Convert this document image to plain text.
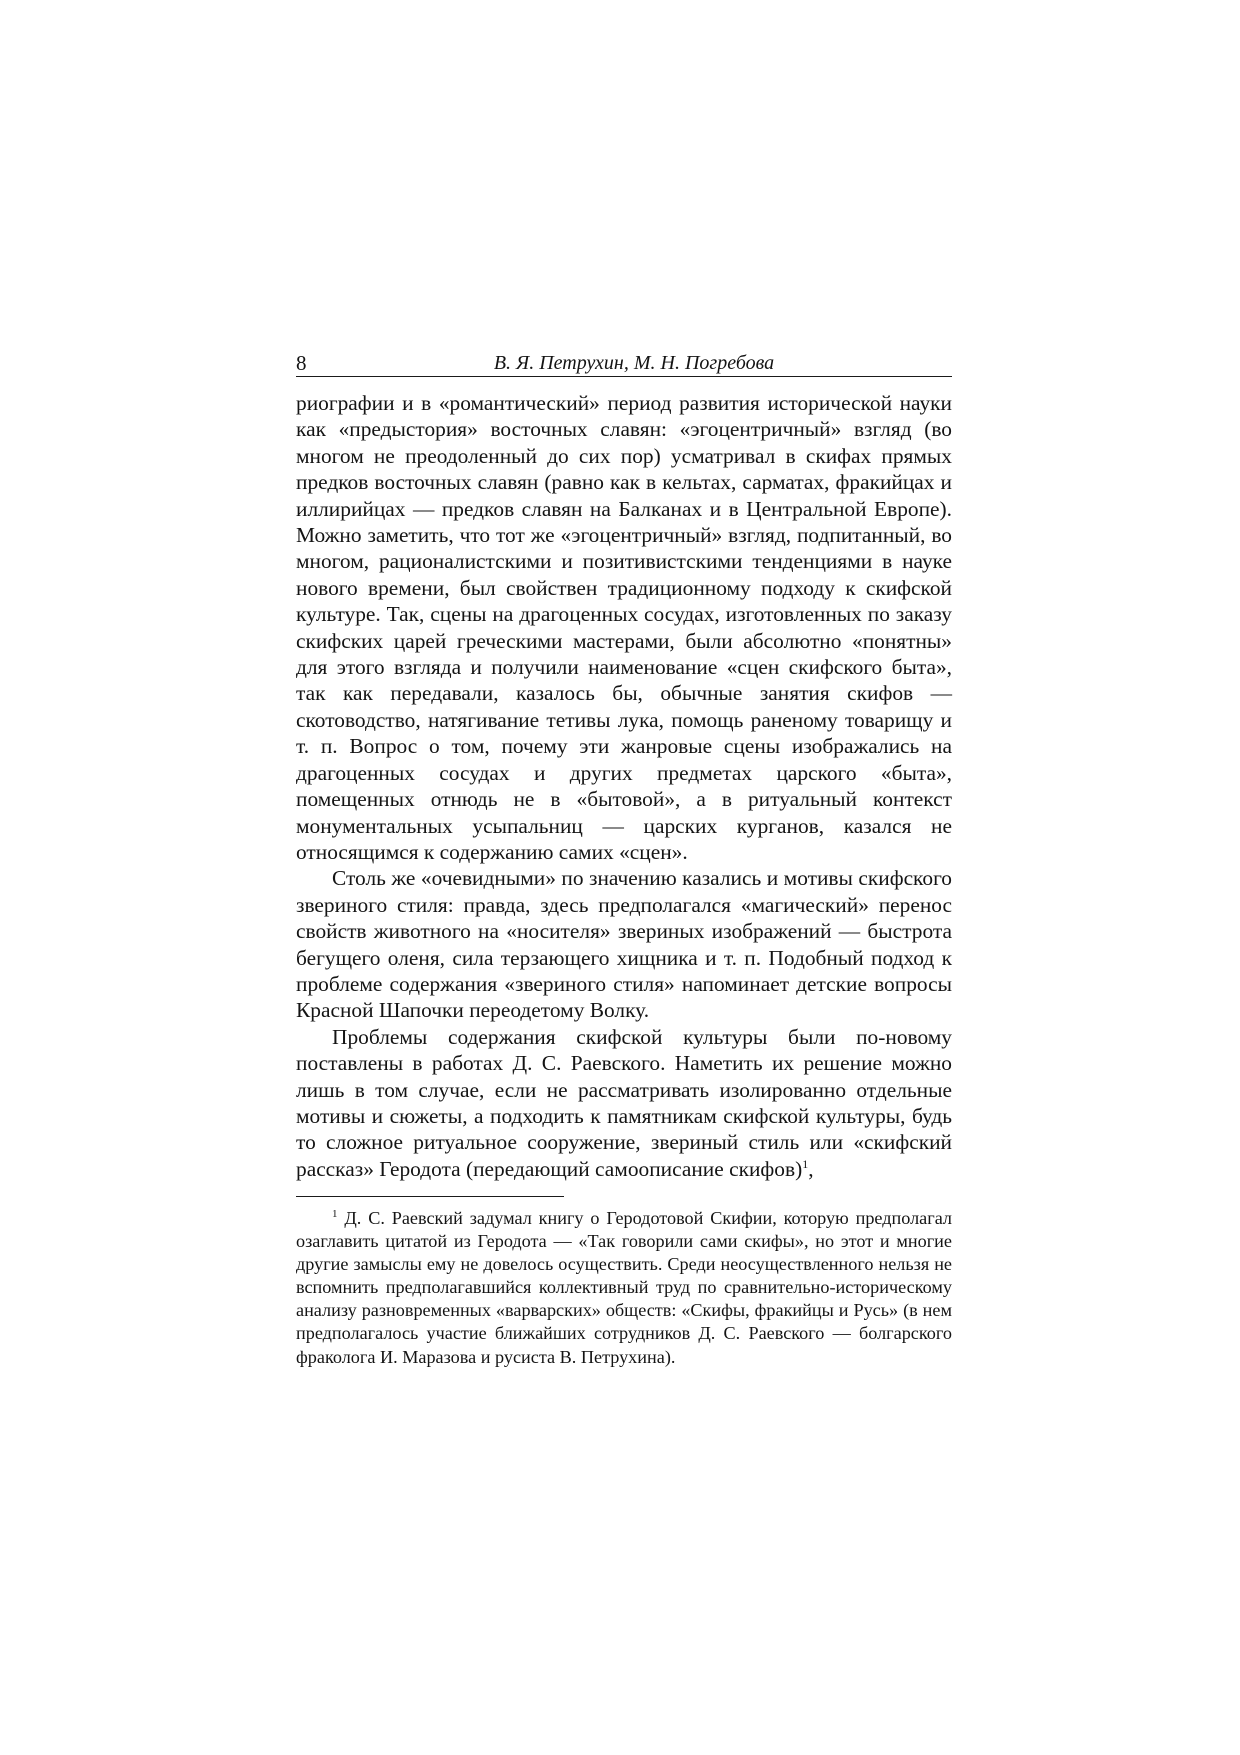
8	В. Я. Петрухин, М. Н. Погребова

риографии и в «романтический» период развития исторической науки как «предыстория» восточных славян: «эгоцентричный» взгляд (во многом не преодоленный до сих пор) усматривал в скифах прямых предков восточных славян (равно как в кельтах, сарматах, фракийцах и иллирийцах — предков славян на Балканах и в Центральной Европе). Можно заметить, что тот же «эгоцентричный» взгляд, подпитанный, во многом, рационалистскими и позитивистскими тенденциями в науке нового времени, был свойствен традиционному подходу к скифской культуре. Так, сцены на драгоценных сосудах, изготовленных по заказу скифских царей греческими мастерами, были абсолютно «понятны» для этого взгляда и получили наименование «сцен скифского быта», так как передавали, казалось бы, обычные занятия скифов — скотоводство, натягивание тетивы лука, помощь раненому товарищу и т. п. Вопрос о том, почему эти жанровые сцены изображались на драгоценных сосудах и других предметах царского «быта», помещенных отнюдь не в «бытовой», а в ритуальный контекст монументальных усыпальниц — царских курганов, казался не относящимся к содержанию самих «сцен».

Столь же «очевидными» по значению казались и мотивы скифского звериного стиля: правда, здесь предполагался «магический» перенос свойств животного на «носителя» звериных изображений — быстрота бегущего оленя, сила терзающего хищника и т. п. Подобный подход к проблеме содержания «звериного стиля» напоминает детские вопросы Красной Шапочки переодетому Волку.

Проблемы содержания скифской культуры были по-новому поставлены в работах Д. С. Раевского. Наметить их решение можно лишь в том случае, если не рассматривать изолированно отдельные мотивы и сюжеты, а подходить к памятникам скифской культуры, будь то сложное ритуальное сооружение, звериный стиль или «скифский рассказ» Геродота (передающий самоописание скифов)$^1$,

$^1$ Д. С. Раевский задумал книгу о Геродотовой Скифии, которую предполагал озаглавить цитатой из Геродота — «Так говорили сами скифы», но этот и многие другие замыслы ему не довелось осуществить. Среди неосуществленного нельзя не вспомнить предполагавшийся коллективный труд по сравнительно-историческому анализу разновременных «варварских» обществ: «Скифы, фракийцы и Русь» (в нем предполагалось участие ближайших сотрудников Д. С. Раевского — болгарского фраколога И. Маразова и русиста В. Петрухина).
